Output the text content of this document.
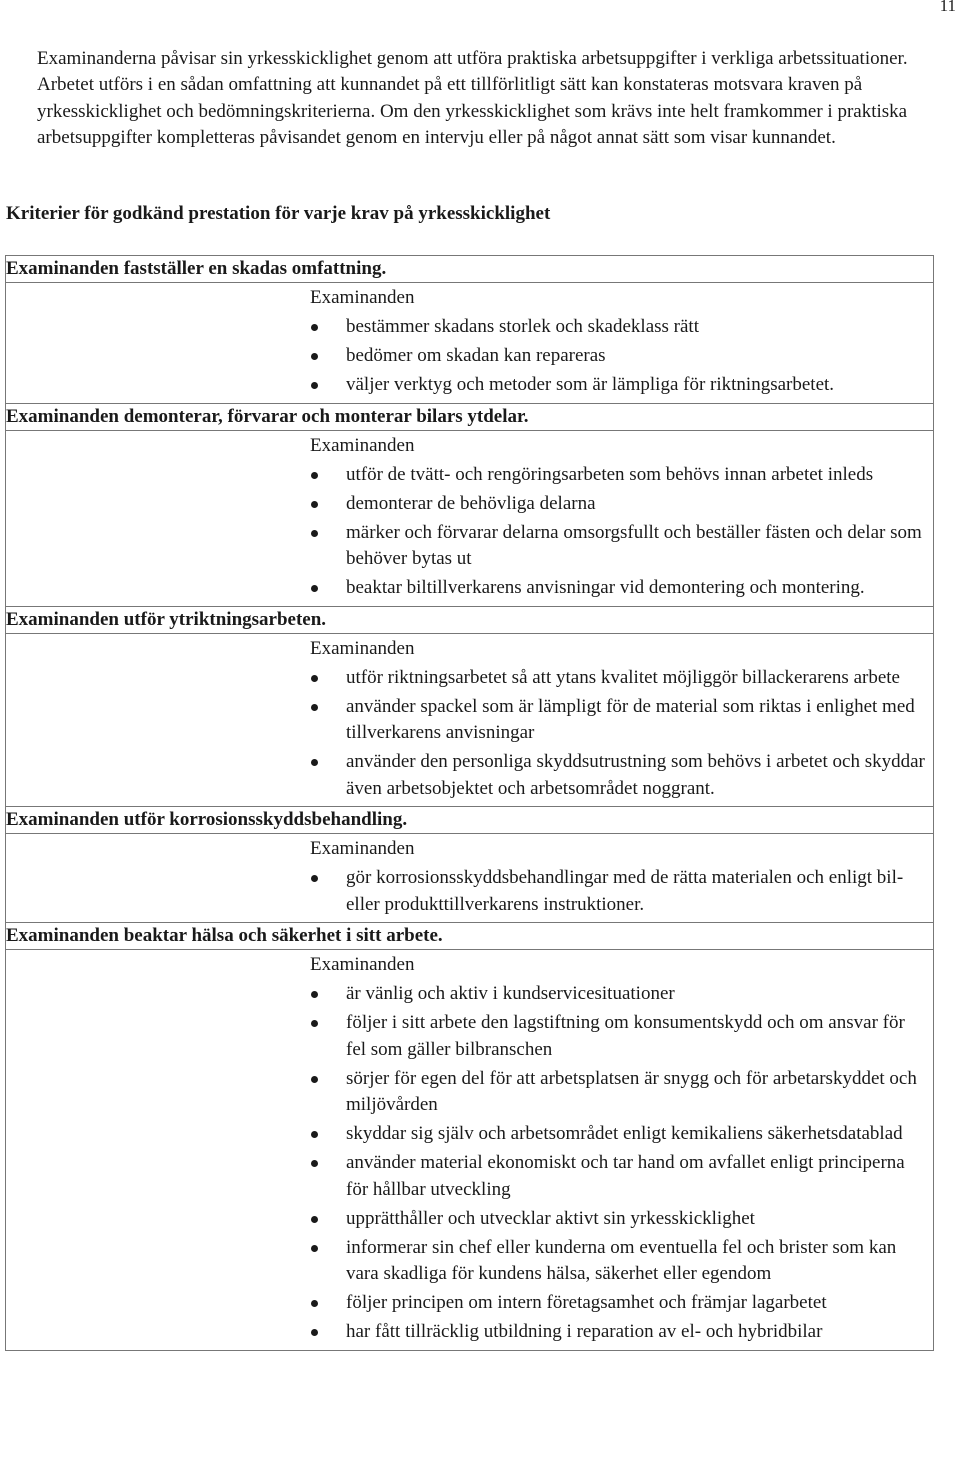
11

Examinanderna påvisar sin yrkesskicklighet genom att utföra praktiska arbetsuppgifter i verkliga arbetssituationer. Arbetet utförs i en sådan omfattning att kunnandet på ett tillförlitligt sätt kan konstateras motsvara kraven på yrkesskicklighet och bedömningskriterierna. Om den yrkesskicklighet som krävs inte helt framkommer i praktiska arbetsuppgifter kompletteras påvisandet genom en intervju eller på något annat sätt som visar kunnandet.

Kriterier för godkänd prestation för varje krav på yrkesskicklighet
Examinanden fastställer en skadas omfattning.

Examinanden
bestämmer skadans storlek och skadeklass rätt
bedömer om skadan kan repareras
väljer verktyg och metoder som är lämpliga för riktningsarbetet.

Examinanden demonterar, förvarar och monterar bilars ytdelar.

Examinanden
utför de tvätt- och rengöringsarbeten som behövs innan arbetet inleds
demonterar de behövliga delarna
märker och förvarar delarna omsorgsfullt och beställer fästen och delar som behöver bytas ut
beaktar biltillverkarens anvisningar vid demontering och montering.

Examinanden utför ytriktningsarbeten.

Examinanden
utför riktningsarbetet så att ytans kvalitet möjliggör billackerarens arbete
använder spackel som är lämpligt för de material som riktas i enlighet med tillverkarens anvisningar
använder den personliga skyddsutrustning som behövs i arbetet och skyddar även arbetsobjektet och arbetsområdet noggrant.

Examinanden utför korrosionsskyddsbehandling.

Examinanden
gör korrosionsskyddsbehandlingar med de rätta materialen och enligt bil- eller produkttillverkarens instruktioner.

Examinanden beaktar hälsa och säkerhet i sitt arbete.

Examinanden
är vänlig och aktiv i kundservicesituationer
följer i sitt arbete den lagstiftning om konsumentskydd och om ansvar för fel som gäller bilbranschen
sörjer för egen del för att arbetsplatsen är snygg och för arbetarskyddet och miljövården
skyddar sig själv och arbetsområdet enligt kemikaliens säkerhetsdatablad
använder material ekonomiskt och tar hand om avfallet enligt principerna för hållbar utveckling
upprätthåller och utvecklar aktivt sin yrkesskicklighet
informerar sin chef eller kunderna om eventuella fel och brister som kan vara skadliga för kundens hälsa, säkerhet eller egendom
följer principen om intern företagsamhet och främjar lagarbetet
har fått tillräcklig utbildning i reparation av el- och hybridbilar
